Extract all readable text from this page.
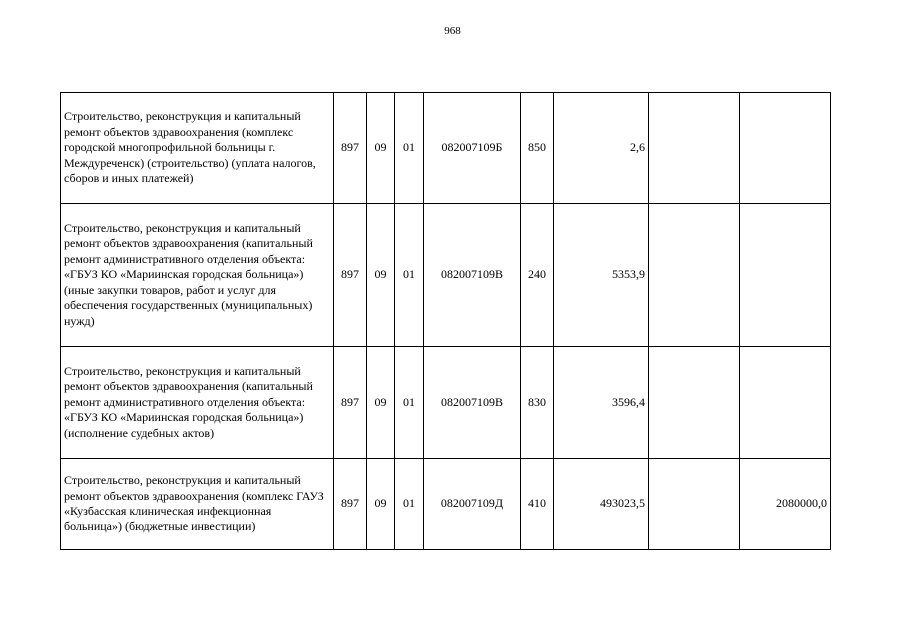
968
Строительство, реконструкция и капитальный ремонт объектов здравоохранения (комплекс городской многопрофильной больницы г. Междуреченск) (строительство) (уплата налогов, сборов и иных платежей)	897	09	01	082007109Б	850	2,6		
Строительство, реконструкция и капитальный ремонт объектов здравоохранения (капитальный ремонт административного отделения объекта: «ГБУЗ КО «Мариинская городская больница») (иные закупки товаров, работ и услуг для обеспечения государственных (муниципальных) нужд)	897	09	01	082007109В	240	5353,9		
Строительство, реконструкция и капитальный ремонт объектов здравоохранения (капитальный ремонт административного отделения объекта: «ГБУЗ КО «Мариинская городская больница») (исполнение судебных актов)	897	09	01	082007109В	830	3596,4		
Строительство, реконструкция и капитальный ремонт объектов здравоохранения (комплекс ГАУЗ «Кузбасская клиническая инфекционная больница») (бюджетные инвестиции)	897	09	01	082007109Д	410	493023,5		2080000,0
